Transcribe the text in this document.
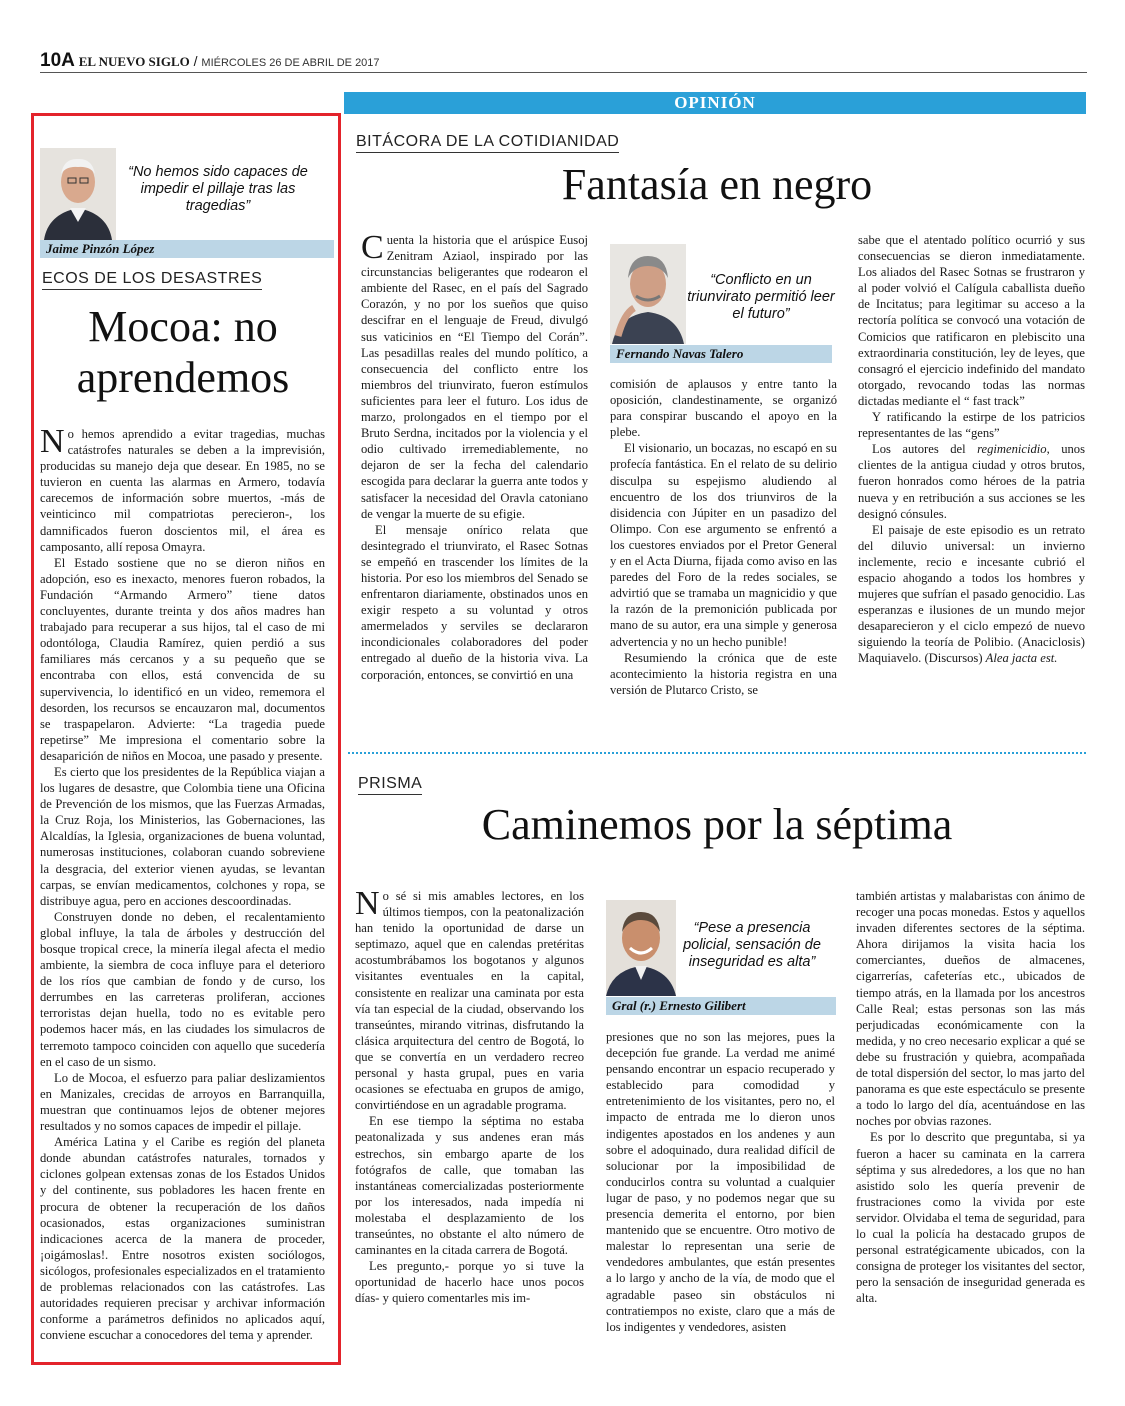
10A EL NUEVO SIGLO / MIÉRCOLES 26 DE ABRIL DE 2017
OPINIÓN
“No hemos sido capaces de impedir el pillaje tras las tragedias”
Jaime Pinzón López
ECOS DE LOS DESASTRES
Mocoa: no aprendemos

No hemos aprendido a evitar tragedias, muchas catástrofes naturales se deben a la imprevisión, producidas su manejo deja que desear. En 1985, no se tuvieron en cuenta las alarmas en Armero, todavía carecemos de información sobre muertos, -más de veinticinco mil compatriotas perecieron-, los damnificados fueron doscientos mil, el área es camposanto, allí reposa Omayra.

El Estado sostiene que no se dieron niños en adopción, eso es inexacto, menores fueron robados, la Fundación “Armando Armero” tiene datos concluyentes, durante treinta y dos años madres han trabajado para recuperar a sus hijos, tal el caso de mi odontóloga, Claudia Ramírez, quien perdió a sus familiares más cercanos y a su pequeño que se encontraba con ellos, está convencida de su supervivencia, lo identificó en un video, rememora el desorden, los recursos se encauzaron mal, documentos se traspapelaron. Advierte: “La tragedia puede repetirse” Me impresiona el comentario sobre la desaparición de niños en Mocoa, une pasado y presente.

Es cierto que los presidentes de la República viajan a los lugares de desastre, que Colombia tiene una Oficina de Prevención de los mismos, que las Fuerzas Armadas, la Cruz Roja, los Ministerios, las Gobernaciones, las Alcaldías, la Iglesia, organizaciones de buena voluntad, numerosas instituciones, colaboran cuando sobreviene la desgracia, del exterior vienen ayudas, se levantan carpas, se envían medicamentos, colchones y ropa, se distribuye agua, pero en acciones descoordinadas.

Construyen donde no deben, el recalentamiento global influye, la tala de árboles y destrucción del bosque tropical crece, la minería ilegal afecta el medio ambiente, la siembra de coca influye para el deterioro de los ríos que cambian de fondo y de curso, los derrumbes en las carreteras proliferan, acciones terroristas dejan huella, todo no es evitable pero podemos hacer más, en las ciudades los simulacros de terremoto tampoco coinciden con aquello que sucedería en el caso de un sismo.

Lo de Mocoa, el esfuerzo para paliar deslizamientos en Manizales, crecidas de arroyos en Barranquilla, muestran que continuamos lejos de obtener mejores resultados y no somos capaces de impedir el pillaje.

América Latina y el Caribe es región del planeta donde abundan catástrofes naturales, tornados y ciclones golpean extensas zonas de los Estados Unidos y del continente, sus pobladores les hacen frente en procura de obtener la recuperación de los daños ocasionados, estas organizaciones suministran indicaciones acerca de la manera de proceder, ¡oigámoslas!. Entre nosotros existen sociólogos, sicólogos, profesionales especializados en el tratamiento de problemas relacionados con las catástrofes. Las autoridades requieren precisar y archivar información conforme a parámetros definidos no aplicados aquí, conviene escuchar a conocedores del tema y aprender.

BITÁCORA DE LA COTIDIANIDAD
Fantasía en negro

Cuenta la historia que el arúspice Eusoj Zenitram Aziaol, inspirado por las circunstancias beligerantes que rodearon el ambiente del Rasec, en el país del Sagrado Corazón, y no por los sueños que quiso descifrar en el lenguaje de Freud, divulgó sus vaticinios en “El Tiempo del Corán”. Las pesadillas reales del mundo político, a consecuencia del conflicto entre los miembros del triunvirato, fueron estímulos suficientes para leer el futuro. Los idus de marzo, prolongados en el tiempo por el Bruto Serdna, incitados por la violencia y el odio cultivado irremediablemente, no dejaron de ser la fecha del calendario escogida para declarar la guerra ante todos y satisfacer la necesidad del Oravla catoniano de vengar la muerte de su efigie.

El mensaje onírico relata que desintegrado el triunvirato, el Rasec Sotnas se empeñó en trascender los límites de la historia. Por eso los miembros del Senado se enfrentaron diariamente, obstinados unos en exigir respeto a su voluntad y otros amermelados y serviles se declararon incondicionales colaboradores del poder entregado al dueño de la historia viva. La corporación, entonces, se convirtió en una

“Conflicto en un triunvirato permitió leer el futuro”
Fernando Navas Talero

comisión de aplausos y entre tanto la oposición, clandestinamente, se organizó para conspirar buscando el apoyo en la plebe.

El visionario, un bocazas, no escapó en su profecía fantástica. En el relato de su delirio disculpa su espejismo aludiendo al encuentro de los dos triunviros de la disidencia con Júpiter en un pasadizo del Olimpo. Con ese argumento se enfrentó a los cuestores enviados por el Pretor General y en el Acta Diurna, fijada como aviso en las paredes del Foro de la redes sociales, se advirtió que se tramaba un magnicidio y que la razón de la premonición publicada por mano de su autor, era una simple y generosa advertencia y no un hecho punible!

Resumiendo la crónica que de este acontecimiento la historia registra en una versión de Plutarco Cristo, se

sabe que el atentado político ocurrió y sus consecuencias se dieron inmediatamente. Los aliados del Rasec Sotnas se frustraron y al poder volvió el Calígula caballista dueño de Incitatus; para legitimar su acceso a la rectoría política se convocó una votación de Comicios que ratificaron en plebiscito una extraordinaria constitución, ley de leyes, que consagró el ejercicio indefinido del mandato otorgado, revocando todas las normas dictadas mediante el “ fast track”

Y ratificando la estirpe de los patricios representantes de las “gens”

Los autores del regimenicidio, unos clientes de la antigua ciudad y otros brutos, fueron honrados como héroes de la patria nueva y en retribución a sus acciones se les designó cónsules.

El paisaje de este episodio es un retrato del diluvio universal: un invierno inclemente, recio e incesante cubrió el espacio ahogando a todos los hombres y mujeres que sufrían el pasado genocidio. Las esperanzas e ilusiones de un mundo mejor desaparecieron y el ciclo empezó de nuevo siguiendo la teoría de Polibio. (Anaciclosis) Maquiavelo. (Discursos) Alea jacta est.

PRISMA
Caminemos por la séptima

No sé si mis amables lectores, en los últimos tiempos, con la peatonalización han tenido la oportunidad de darse un septimazo, aquel que en calendas pretéritas acostumbrábamos los bogotanos y algunos visitantes eventuales en la capital, consistente en realizar una caminata por esta vía tan especial de la ciudad, observando los transeúntes, mirando vitrinas, disfrutando la clásica arquitectura del centro de Bogotá, lo que se convertía en un verdadero recreo personal y hasta grupal, pues en varia ocasiones se efectuaba en grupos de amigo, convirtiéndose en un agradable programa.

En ese tiempo la séptima no estaba peatonalizada y sus andenes eran más estrechos, sin embargo aparte de los fotógrafos de calle, que tomaban las instantáneas comercializadas posteriormente por los interesados, nada impedía ni molestaba el desplazamiento de los transeúntes, no obstante el alto número de caminantes en la citada carrera de Bogotá.

Les pregunto,- porque yo si tuve la oportunidad de hacerlo hace unos pocos días- y quiero comentarles mis im-

“Pese a presencia policial, sensación de inseguridad es alta”
Gral (r.) Ernesto Gilibert

presiones que no son las mejores, pues la decepción fue grande. La verdad me animé pensando encontrar un espacio recuperado y establecido para comodidad y entretenimiento de los visitantes, pero no, el impacto de entrada me lo dieron unos indigentes apostados en los andenes y aun sobre el adoquinado, dura realidad difícil de solucionar por la imposibilidad de conducirlos contra su voluntad a cualquier lugar de paso, y no podemos negar que su presencia demerita el entorno, por bien mantenido que se encuentre. Otro motivo de malestar lo representan una serie de vendedores ambulantes, que están presentes a lo largo y ancho de la vía, de modo que el agradable paseo sin obstáculos ni contratiempos no existe, claro que a más de los indigentes y vendedores, asisten

también artistas y malabaristas con ánimo de recoger una pocas monedas. Estos y aquellos invaden diferentes sectores de la séptima. Ahora dirijamos la visita hacia los comerciantes, dueños de almacenes, cigarrerías, cafeterías etc., ubicados de tiempo atrás, en la llamada por los ancestros Calle Real; estas personas son las más perjudicadas económicamente con la medida, y no creo necesario explicar a qué se debe su frustración y quiebra, acompañada de total dispersión del sector, lo mas jarto del panorama es que este espectáculo se presente a todo lo largo del día, acentuándose en las noches por obvias razones.

Es por lo descrito que preguntaba, si ya fueron a hacer su caminata en la carrera séptima y sus alrededores, a los que no han asistido solo les quería prevenir de frustraciones como la vivida por este servidor. Olvidaba el tema de seguridad, para lo cual la policía ha destacado grupos de personal estratégicamente ubicados, con la consigna de proteger los visitantes del sector, pero la sensación de inseguridad generada es alta.
